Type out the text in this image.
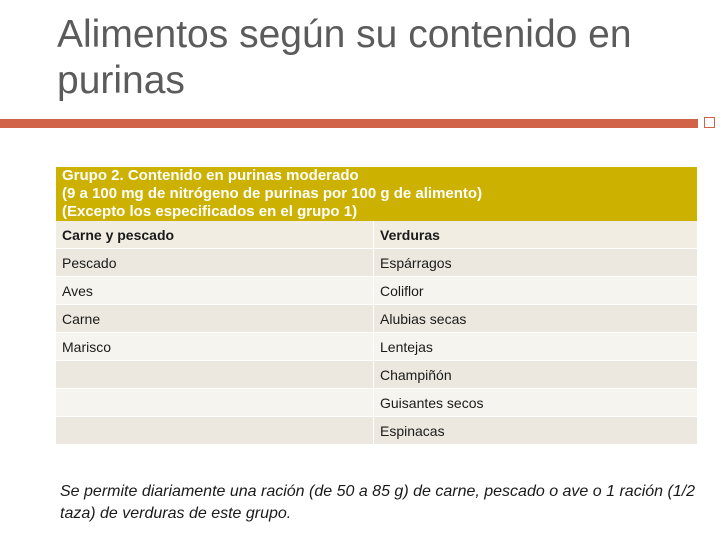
Alimentos según su contenido en purinas
Grupo 2. Contenido en purinas moderado
(9 a 100 mg de nitrógeno de purinas por 100 g de alimento)
(Excepto los especificados en el grupo 1)	

Carne y pescado	Verduras
Pescado	Espárragos
Aves	Coliflor
Carne	Alubias secas
Marisco	Lentejas
	Champiñón
	Guisantes secos
	Espinacas
Se permite diariamente una ración (de 50 a 85 g) de carne, pescado o ave o 1 ración (1/2 taza) de verduras de este grupo.
